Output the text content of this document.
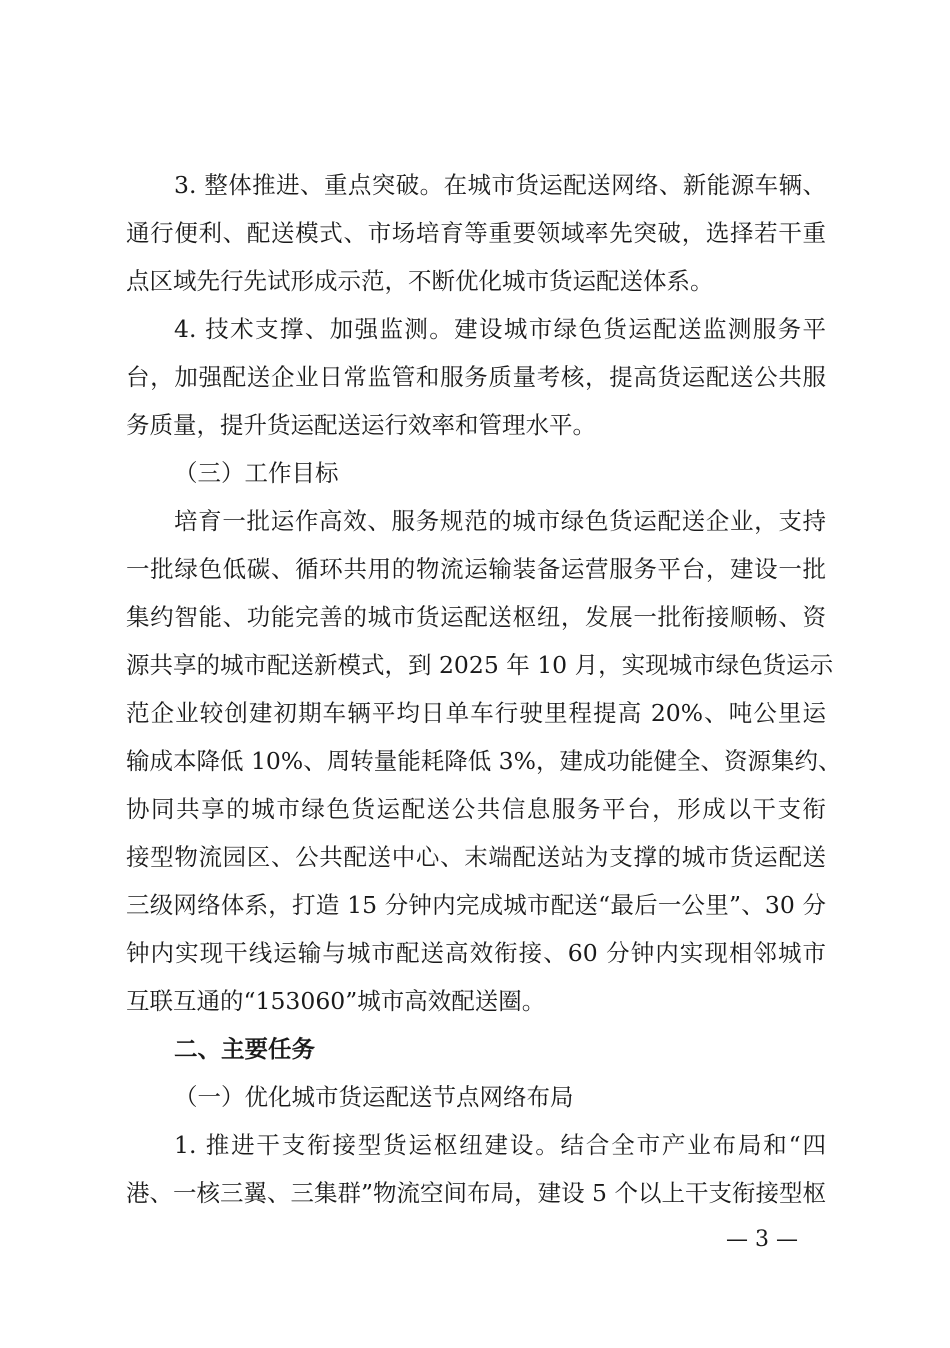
3. 整体推进、重点突破。在城市货运配送网络、新能源车辆、
通行便利、配送模式、市场培育等重要领域率先突破，选择若干重
点区域先行先试形成示范，不断优化城市货运配送体系。
4. 技术支撑、加强监测。建设城市绿色货运配送监测服务平
台，加强配送企业日常监管和服务质量考核，提高货运配送公共服
务质量，提升货运配送运行效率和管理水平。
（三）工作目标
培育一批运作高效、服务规范的城市绿色货运配送企业，支持
一批绿色低碳、循环共用的物流运输装备运营服务平台，建设一批
集约智能、功能完善的城市货运配送枢纽，发展一批衔接顺畅、资
源共享的城市配送新模式，到 2025 年 10 月，实现城市绿色货运示
范企业较创建初期车辆平均日单车行驶里程提高 20%、吨公里运
输成本降低 10%、周转量能耗降低 3%，建成功能健全、资源集约、
协同共享的城市绿色货运配送公共信息服务平台，形成以干支衔
接型物流园区、公共配送中心、末端配送站为支撑的城市货运配送
三级网络体系，打造 15 分钟内完成城市配送“最后一公里”、30 分
钟内实现干线运输与城市配送高效衔接、60 分钟内实现相邻城市
互联互通的“153060”城市高效配送圈。
二、主要任务
（一）优化城市货运配送节点网络布局
1. 推进干支衔接型货运枢纽建设。结合全市产业布局和“四
港、一核三翼、三集群”物流空间布局，建设 5 个以上干支衔接型枢
— 3 —
